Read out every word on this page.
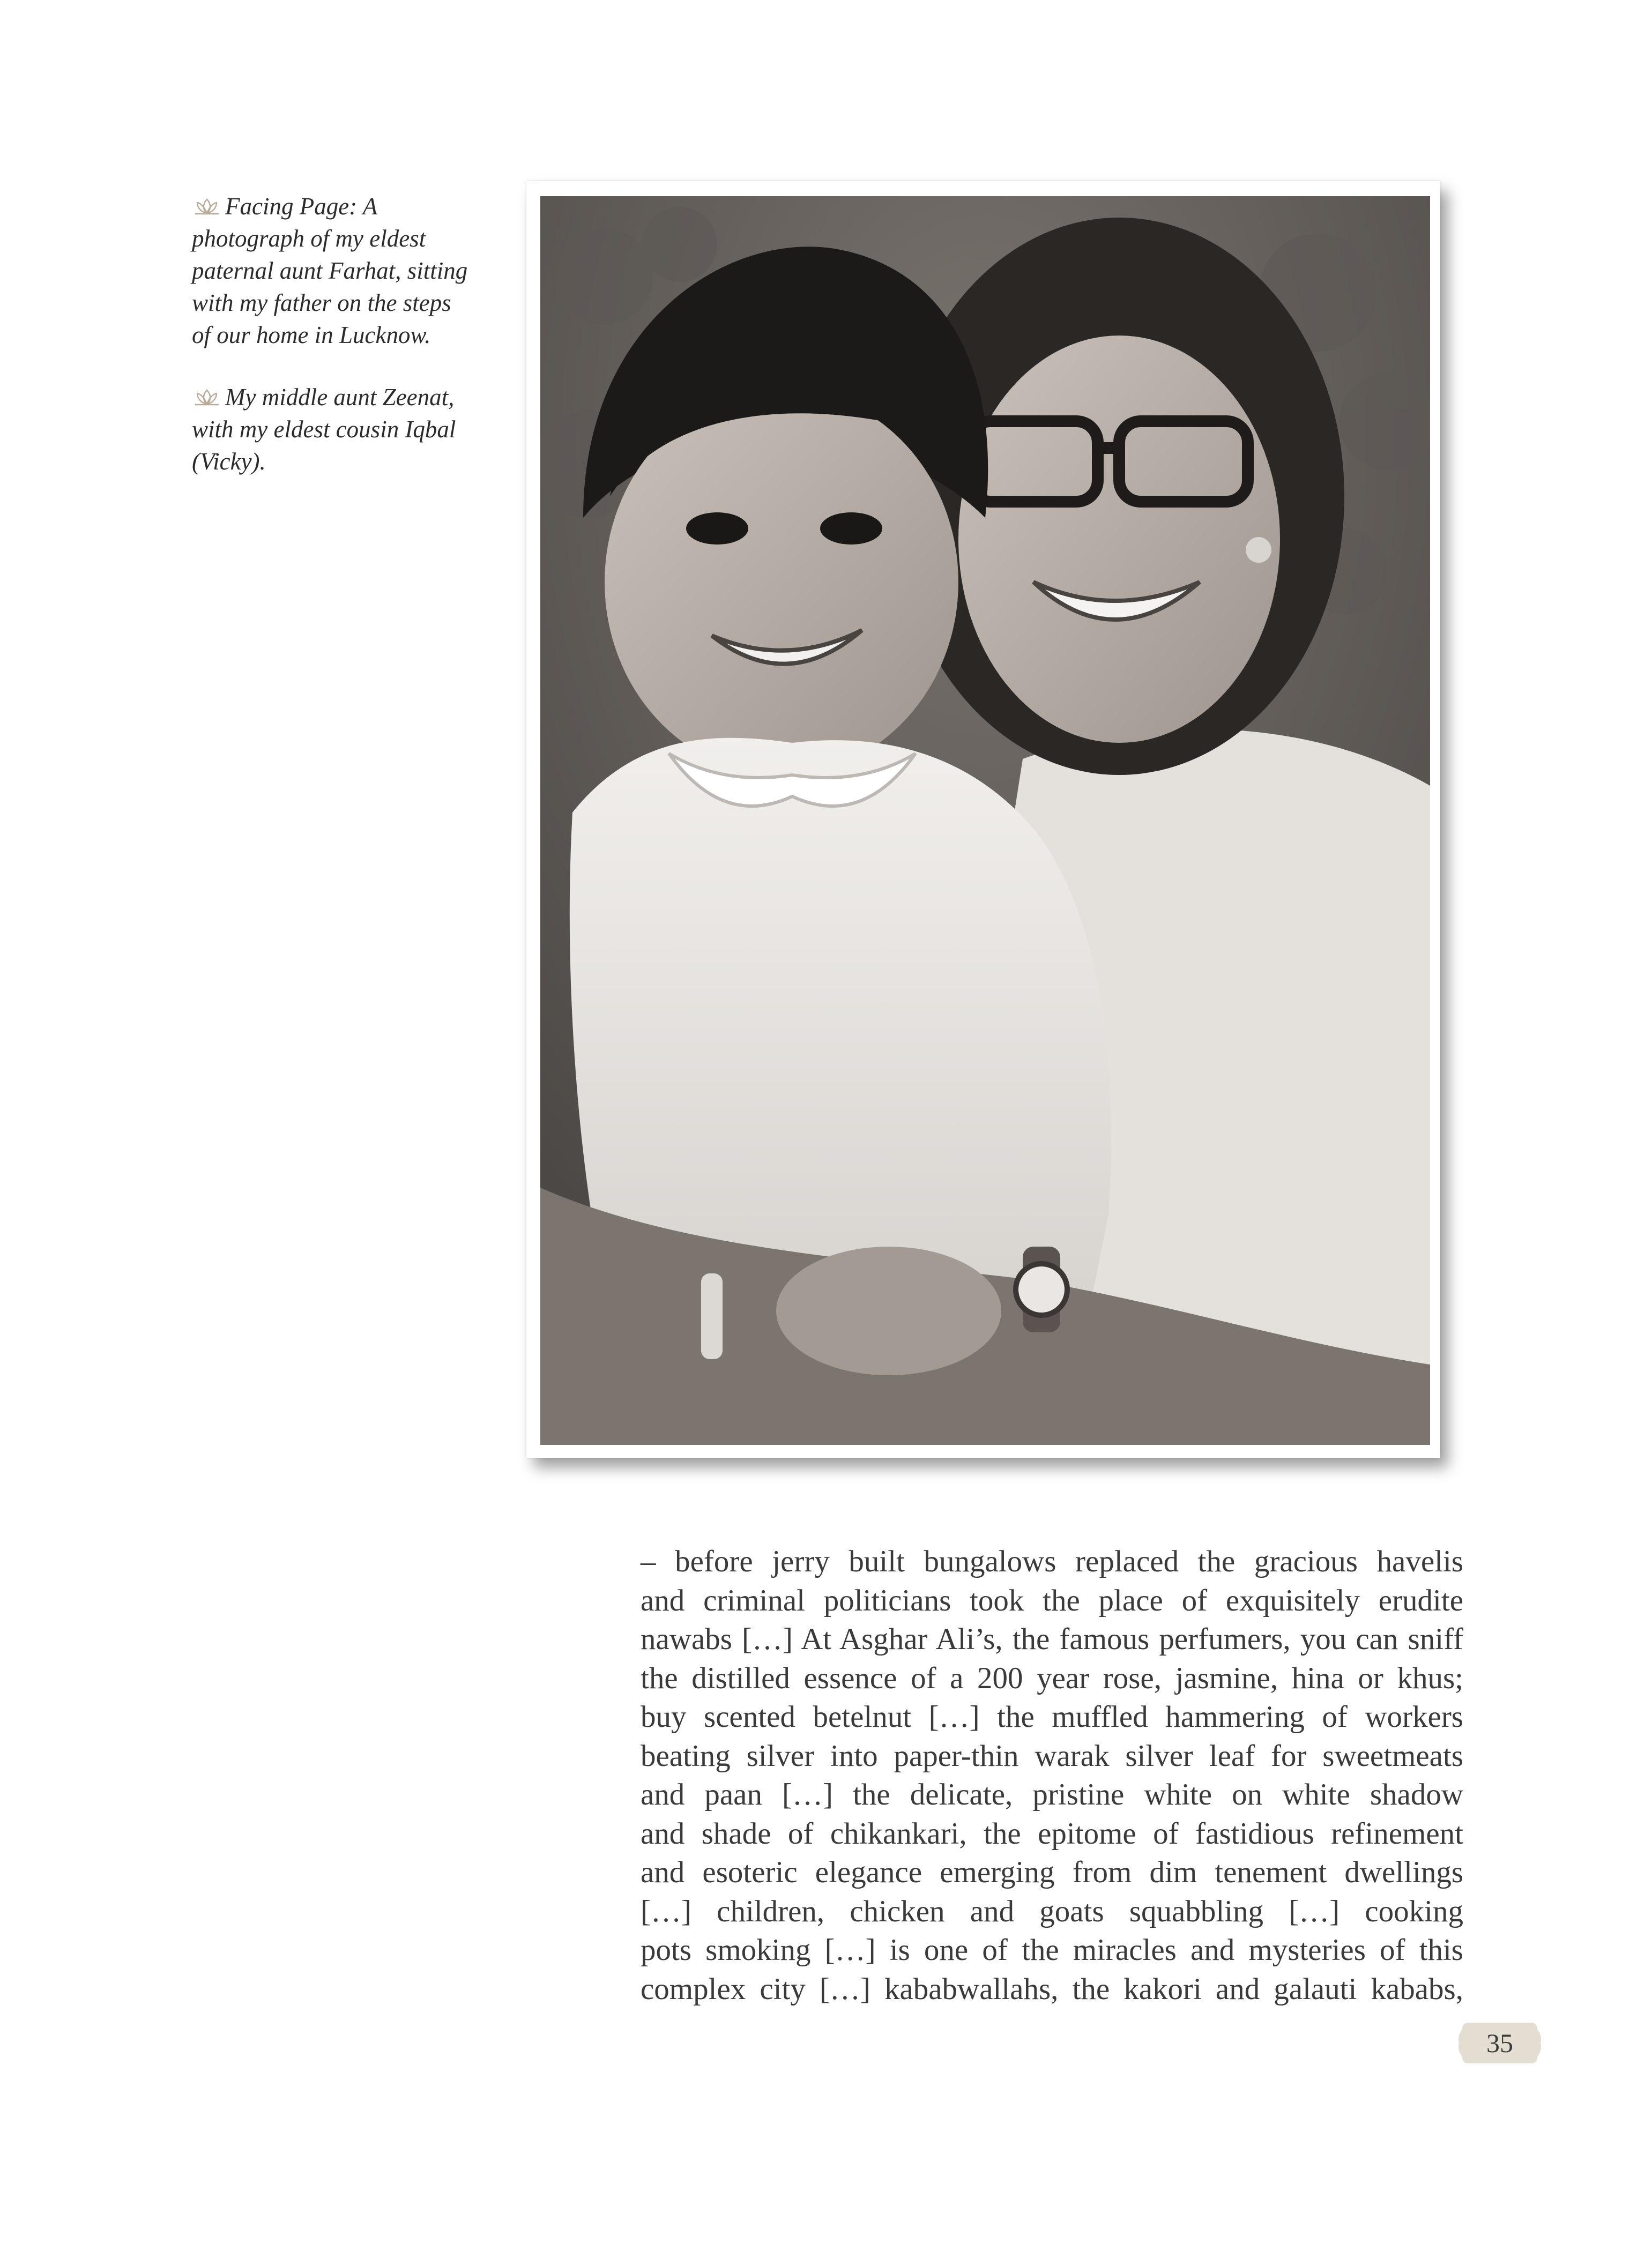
Facing Page: A photograph of my eldest paternal aunt Farhat, sitting with my father on the steps of our home in Lucknow.

My middle aunt Zeenat, with my eldest cousin Iqbal (Vicky).

– before jerry built bungalows replaced the gracious havelis
and criminal politicians took the place of exquisitely erudite
nawabs […] At Asghar Ali’s, the famous perfumers, you can sniff
the distilled essence of a 200 year rose, jasmine, hina or khus;
buy scented betelnut […] the muffled hammering of workers
beating silver into paper-thin warak silver leaf for sweetmeats
and paan […] the delicate, pristine white on white shadow
and shade of chikankari, the epitome of fastidious refinement
and esoteric elegance emerging from dim tenement dwellings
[…] children, chicken and goats squabbling […] cooking
pots smoking […] is one of the miracles and mysteries of this
complex city […] kababwallahs, the kakori and galauti kababs,
35
